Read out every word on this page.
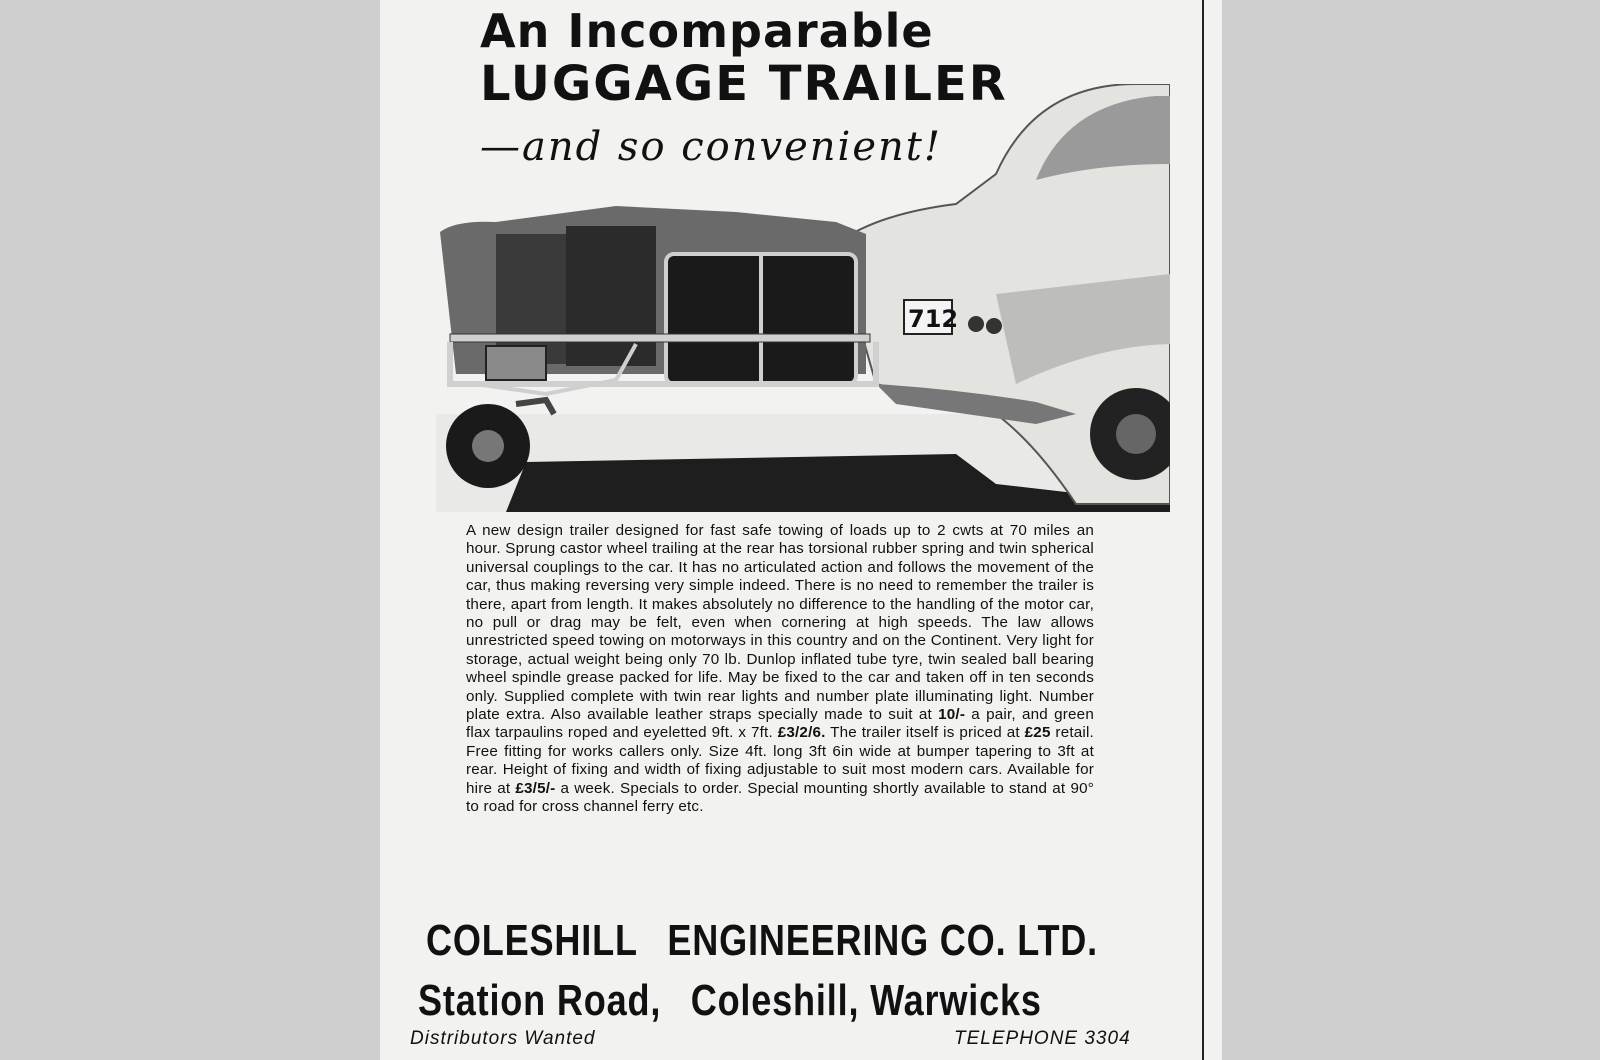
An Incomparable
LUGGAGE TRAILER
—and so convenient!
712

A new design trailer designed for fast safe towing of loads up to 2 cwts at 70 miles an hour. Sprung castor wheel trailing at the rear has torsional rubber spring and twin spherical universal couplings to the car. It has no articulated action and follows the movement of the car, thus making reversing very simple indeed. There is no need to remember the trailer is there, apart from length. It makes absolutely no difference to the handling of the motor car, no pull or drag may be felt, even when cornering at high speeds. The law allows unrestricted speed towing on motorways in this country and on the Continent. Very light for storage, actual weight being only 70 lb. Dunlop inflated tube tyre, twin sealed ball bearing wheel spindle grease packed for life. May be fixed to the car and taken off in ten seconds only. Supplied complete with twin rear lights and number plate illuminating light. Number plate extra. Also available leather straps specially made to suit at 10/- a pair, and green flax tarpaulins roped and eyeletted 9ft. x 7ft. £3/2/6. The trailer itself is priced at £25 retail. Free fitting for works callers only. Size 4ft. long 3ft 6in wide at bumper tapering to 3ft at rear. Height of fixing and width of fixing adjustable to suit most modern cars. Available for hire at £3/5/- a week. Specials to order. Special mounting shortly available to stand at 90° to road for cross channel ferry etc.

COLESHILL ENGINEERING CO. LTD.
Station Road, Coleshill, Warwicks
Distributors Wanted	TELEPHONE 3304
